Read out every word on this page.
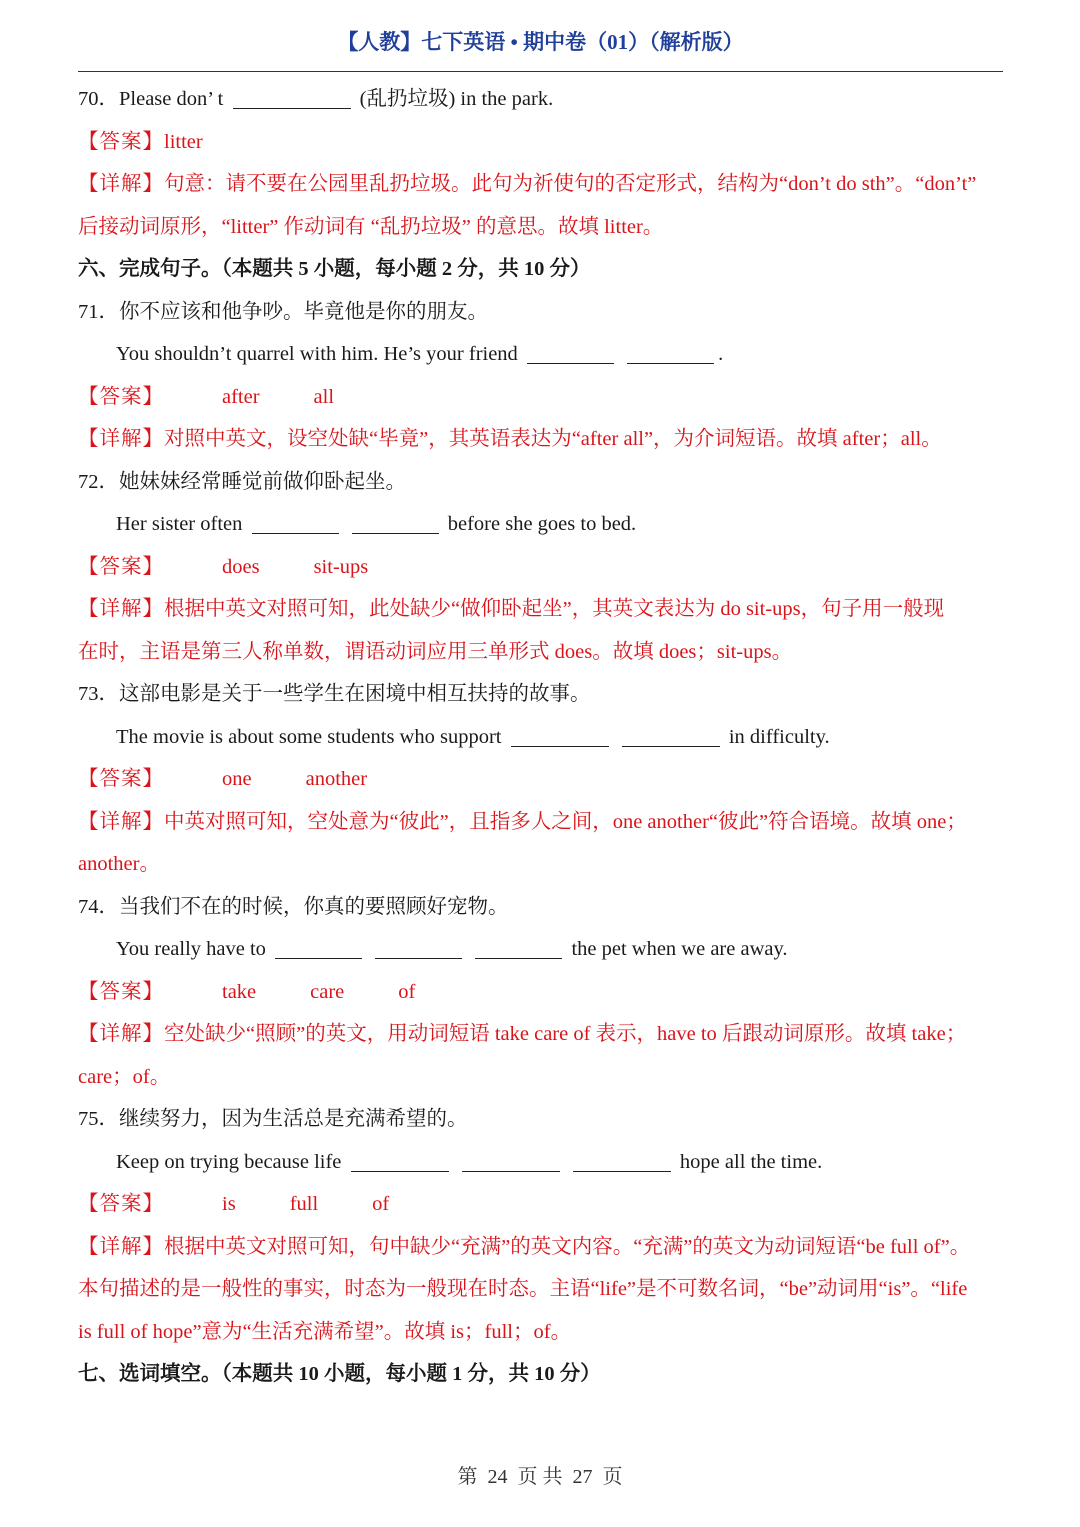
【人教】七下英语 • 期中卷（01）（解析版）
70．Please don’ t	(乱扔垃圾) in the park.
【答案】litter
【详解】句意：请不要在公园里乱扔垃圾。此句为祈使句的否定形式，结构为“don’t do sth”。“don’t”
后接动词原形，“litter” 作动词有 “乱扔垃圾” 的意思。故填 litter。
六、完成句子。（本题共 5 小题，每小题 2 分，共 10 分）
71．你不应该和他争吵。毕竟他是你的朋友。
You shouldn’t quarrel with him. He’s your friend	.
【答案】	after	all
【详解】对照中英文，设空处缺“毕竟”，其英语表达为“after all”，为介词短语。故填 after；all。
72．她妹妹经常睡觉前做仰卧起坐。
Her sister often	before she goes to bed.
【答案】	does	sit-ups
【详解】根据中英文对照可知，此处缺少“做仰卧起坐”，其英文表达为 do sit-ups，句子用一般现
在时，主语是第三人称单数，谓语动词应用三单形式 does。故填 does；sit-ups。
73．这部电影是关于一些学生在困境中相互扶持的故事。
The movie is about some students who support	in difficulty.
【答案】	one	another
【详解】中英对照可知，空处意为“彼此”，且指多人之间，one another“彼此”符合语境。故填 one；
another。
74．当我们不在的时候，你真的要照顾好宠物。
You really have to	the pet when we are away.
【答案】	take	care	of
【详解】空处缺少“照顾”的英文，用动词短语 take care of 表示，have to 后跟动词原形。故填 take；
care；of。
75．继续努力，因为生活总是充满希望的。
Keep on trying because life	hope all the time.
【答案】	is	full	of
【详解】根据中英文对照可知，句中缺少“充满”的英文内容。“充满”的英文为动词短语“be full of”。
本句描述的是一般性的事实，时态为一般现在时态。主语“life”是不可数名词，“be”动词用“is”。“life
is full of hope”意为“生活充满希望”。故填 is；full；of。
七、选词填空。（本题共 10 小题，每小题 1 分，共 10 分）
第 24 页 共 27 页
